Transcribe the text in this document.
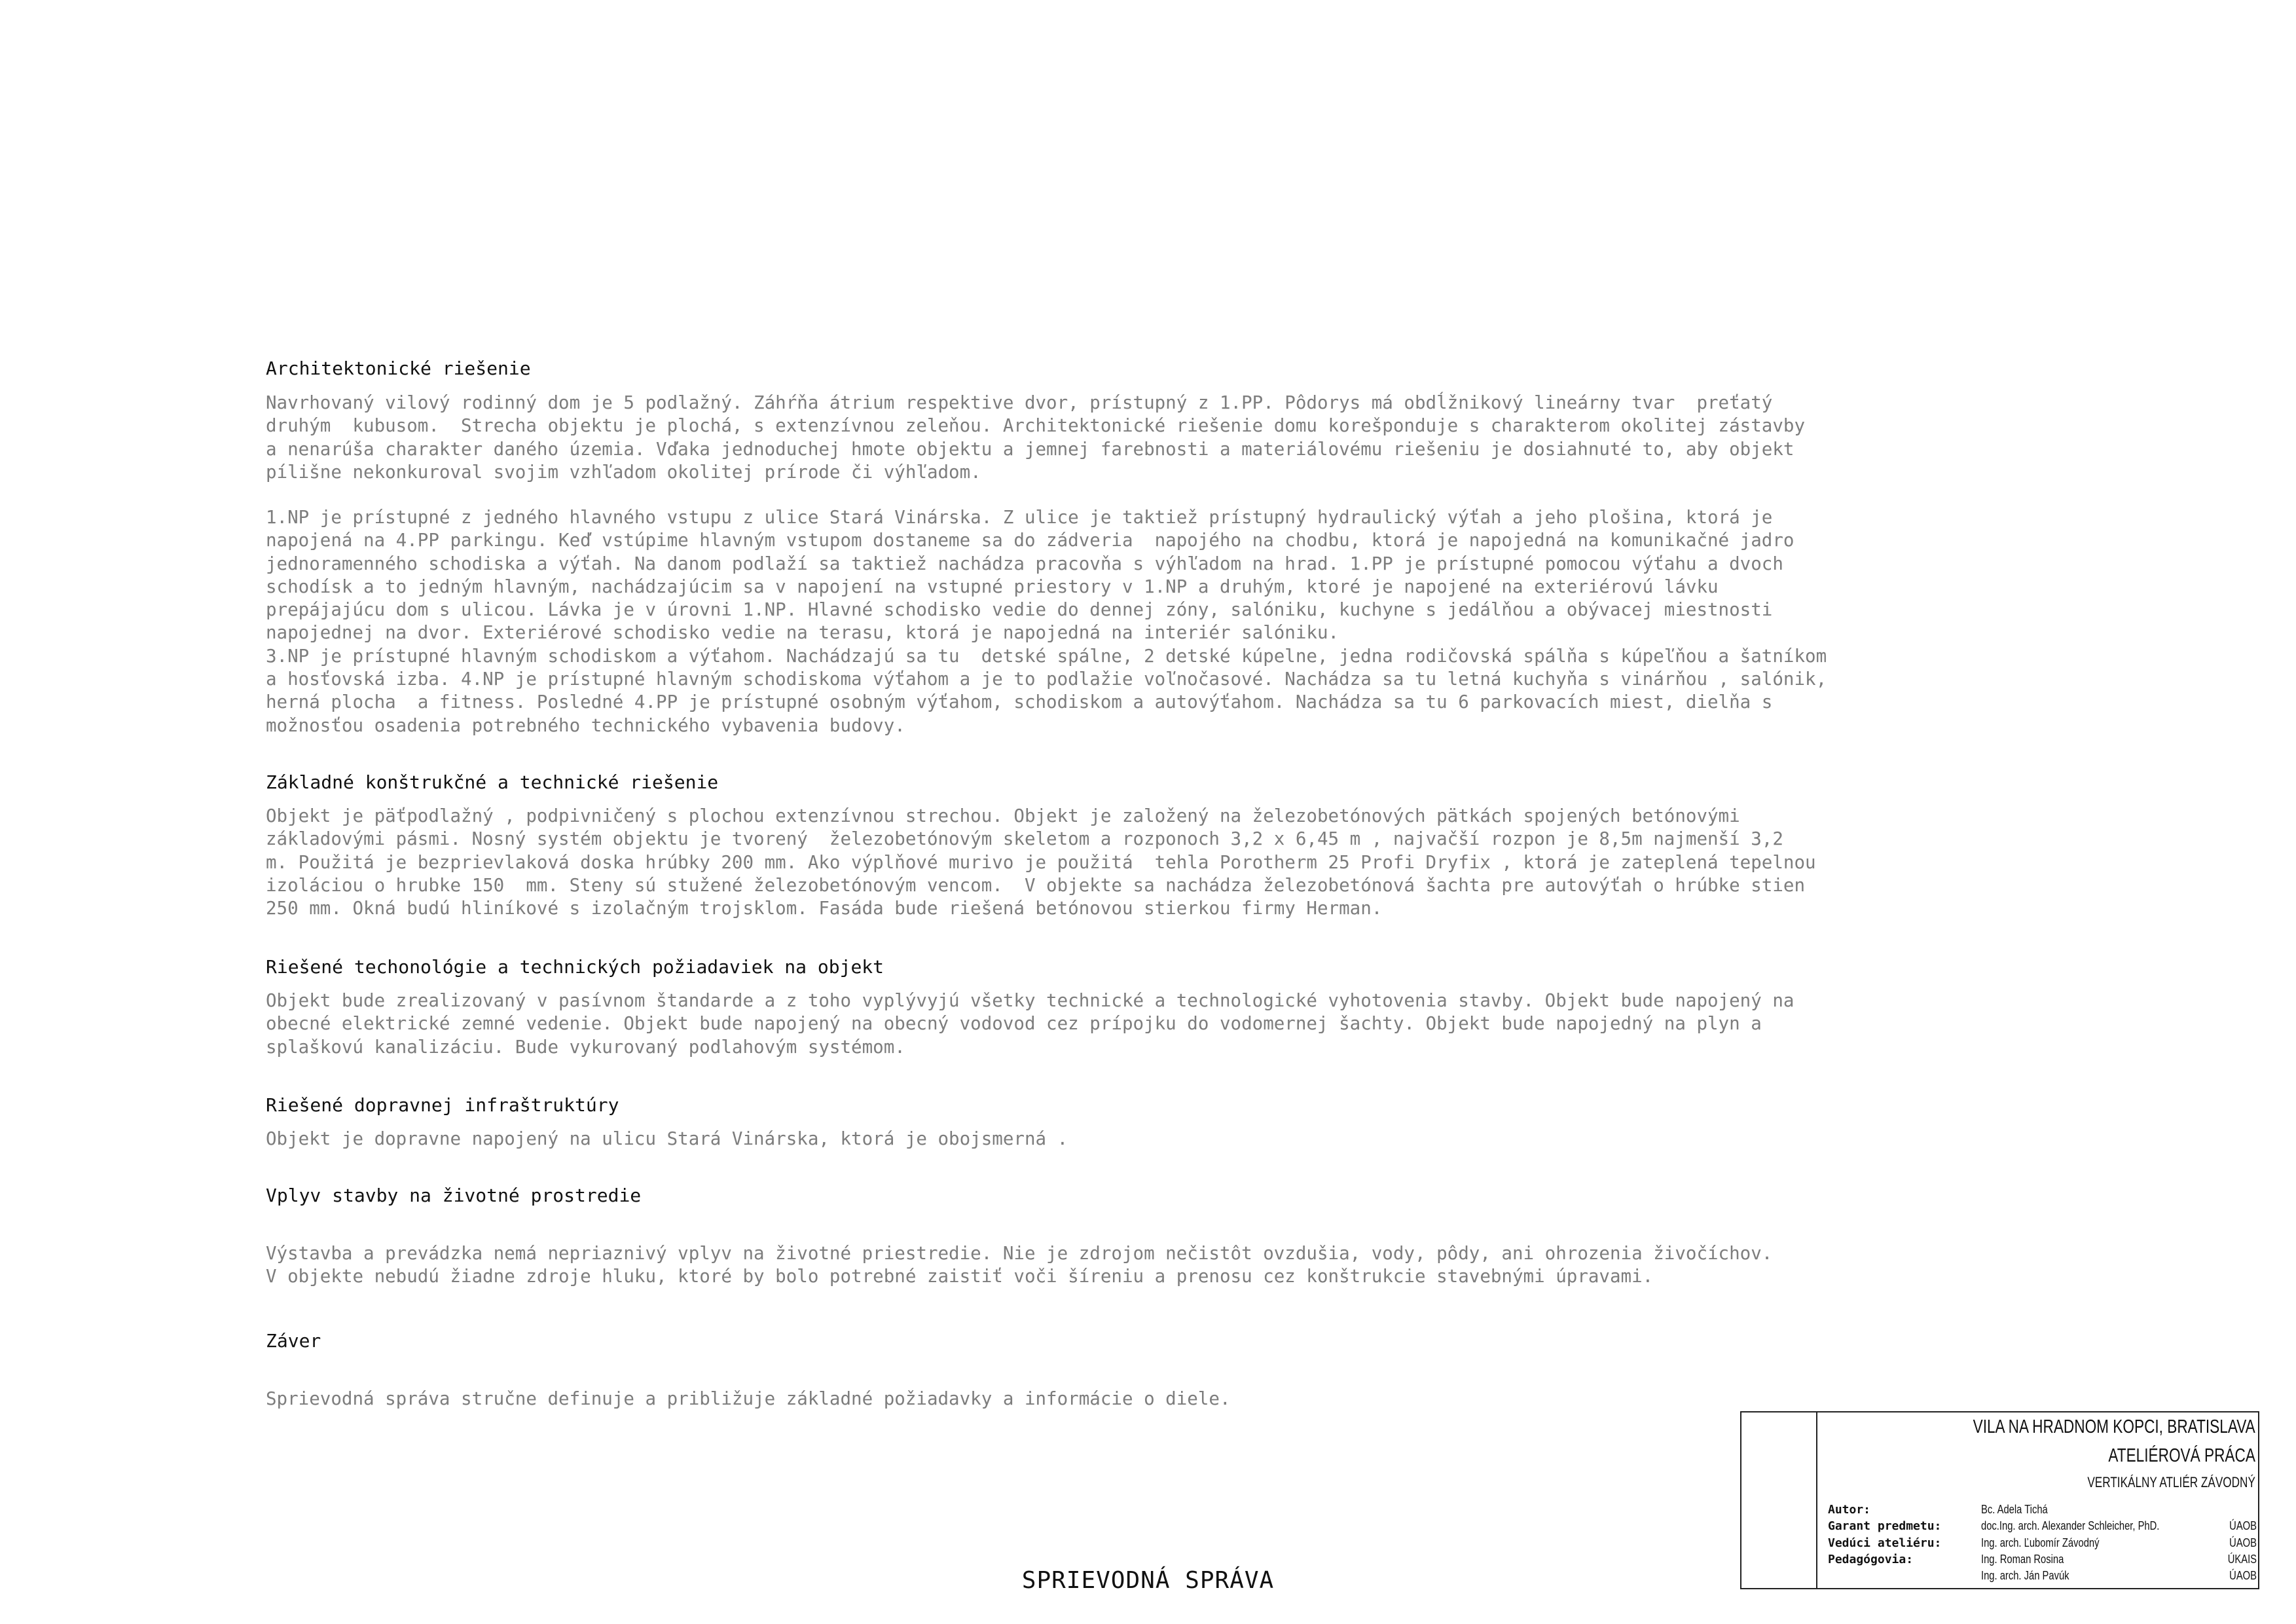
Architektonické riešenie
Navrhovaný vilový rodinný dom je 5 podlažný. Záhŕňa átrium respektive dvor, prístupný z 1.PP. Pôdorys má obdĺžnikový lineárny tvar  preťatý
druhým  kubusom.  Strecha objektu je plochá, s extenzívnou zeleňou. Architektonické riešenie domu korešponduje s charakterom okolitej zástavby
a nenarúša charakter daného územia. Vďaka jednoduchej hmote objektu a jemnej farebnosti a materiálovému riešeniu je dosiahnuté to, aby objekt
pílišne nekonkuroval svojim vzhľadom okolitej prírode či výhľadom.
1.NP je prístupné z jedného hlavného vstupu z ulice Stará Vinárska. Z ulice je taktiež prístupný hydraulický výťah a jeho plošina, ktorá je
napojená na 4.PP parkingu. Keď vstúpime hlavným vstupom dostaneme sa do zádveria  napojého na chodbu, ktorá je napojedná na komunikačné jadro
jednoramenného schodiska a výťah. Na danom podlaží sa taktiež nachádza pracovňa s výhľadom na hrad. 1.PP je prístupné pomocou výťahu a dvoch
schodísk a to jedným hlavným, nachádzajúcim sa v napojení na vstupné priestory v 1.NP a druhým, ktoré je napojené na exteriérovú lávku
prepájajúcu dom s ulicou. Lávka je v úrovni 1.NP. Hlavné schodisko vedie do dennej zóny, salóniku, kuchyne s jedálňou a obývacej miestnosti
napojednej na dvor. Exteriérové schodisko vedie na terasu, ktorá je napojedná na interiér salóniku.
3.NP je prístupné hlavným schodiskom a výťahom. Nachádzajú sa tu  detské spálne, 2 detské kúpelne, jedna rodičovská spálňa s kúpeľňou a šatníkom
a hosťovská izba. 4.NP je prístupné hlavným schodiskoma výťahom a je to podlažie voľnočasové. Nachádza sa tu letná kuchyňa s vinárňou , salónik,
herná plocha  a fitness. Posledné 4.PP je prístupné osobným výťahom, schodiskom a autovýťahom. Nachádza sa tu 6 parkovacích miest, dielňa s
možnosťou osadenia potrebného technického vybavenia budovy.
Základné konštrukčné a technické riešenie
Objekt je päťpodlažný , podpivničený s plochou extenzívnou strechou. Objekt je založený na železobetónových pätkách spojených betónovými
základovými pásmi. Nosný systém objektu je tvorený  železobetónovým skeletom a rozponoch 3,2 x 6,45 m , najvačší rozpon je 8,5m najmenší 3,2
m. Použitá je bezprievlaková doska hrúbky 200 mm. Ako výplňové murivo je použitá  tehla Porotherm 25 Profi Dryfix , ktorá je zateplená tepelnou
izoláciou o hrubke 150  mm. Steny sú stužené železobetónovým vencom.  V objekte sa nachádza železobetónová šachta pre autovýťah o hrúbke stien
250 mm. Okná budú hliníkové s izolačným trojsklom. Fasáda bude riešená betónovou stierkou firmy Herman.
Riešené techonológie a technických požiadaviek na objekt
Objekt bude zrealizovaný v pasívnom štandarde a z toho vyplývyjú všetky technické a technologické vyhotovenia stavby. Objekt bude napojený na
obecné elektrické zemné vedenie. Objekt bude napojený na obecný vodovod cez prípojku do vodomernej šachty. Objekt bude napojedný na plyn a
splaškovú kanalizáciu. Bude vykurovaný podlahovým systémom.
Riešené dopravnej infraštruktúry
Objekt je dopravne napojený na ulicu Stará Vinárska, ktorá je obojsmerná .
Vplyv stavby na životné prostredie
Výstavba a prevádzka nemá nepriaznivý vplyv na životné priestredie. Nie je zdrojom nečistôt ovzdušia, vody, pôdy, ani ohrozenia živočíchov.
V objekte nebudú žiadne zdroje hluku, ktoré by bolo potrebné zaistiť voči šíreniu a prenosu cez konštrukcie stavebnými úpravami.
Záver
Sprievodná správa stručne definuje a približuje základné požiadavky a informácie o diele.
SPRIEVODNÁ SPRÁVA
VILA NA HRADNOM KOPCI, BRATISLAVA
ATELIÉROVÁ PRÁCA
VERTIKÁLNY ATLIÉR ZÁVODNÝ
Autor:	Bc. Adela Tichá
Garant predmetu:	doc.Ing. arch. Alexander Schleicher, PhD.	ÚAOB
Vedúci ateliéru:	Ing. arch. Ľubomír Závodný	ÚAOB
Pedagógovia:	Ing. Roman Rosina	ÚKAIS
Ing. arch. Ján Pavúk	ÚAOB
